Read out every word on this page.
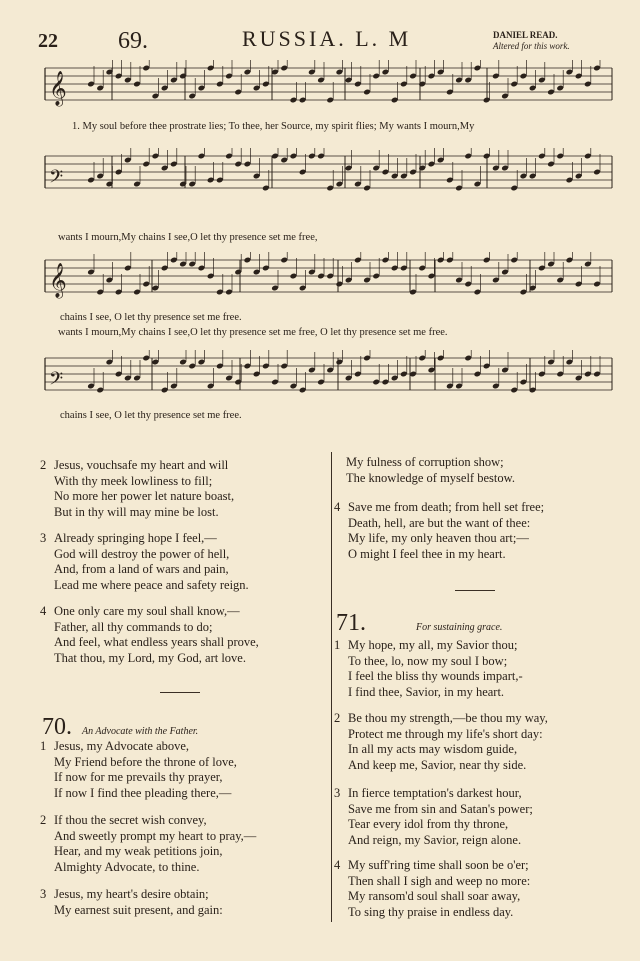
22	69.	RUSSIA. L. M	DANIEL READ.
Altered for this work.
𝄞
1. My soul before thee prostrate lies; To thee, her Source, my spirit flies; My wants I mourn,My
𝄢
wants I mourn,My chains I see,O let thy presence set me free,
𝄞
chains I see, O let thy presence set me free.
wants I mourn,My chains I see,O let thy presence set me free, O let thy presence set me free.
𝄢
chains I see, O let thy presence set me free.
2 Jesus, vouchsafe my heart and will
With thy meek lowliness to fill;
No more her power let nature boast,
But in thy will may mine be lost.
3 Already springing hope I feel,—
God will destroy the power of hell,
And, from a land of wars and pain,
Lead me where peace and safety reign.
4 One only care my soul shall know,—
Father, all thy commands to do;
And feel, what endless years shall prove,
That thou, my Lord, my God, art love.
70. An Advocate with the Father.
1 Jesus, my Advocate above,
My Friend before the throne of love,
If now for me prevails thy prayer,
If now I find thee pleading there,—
2 If thou the secret wish convey,
And sweetly prompt my heart to pray,—
Hear, and my weak petitions join,
Almighty Advocate, to thine.
3 Jesus, my heart's desire obtain;
My earnest suit present, and gain:
My fulness of corruption show;
The knowledge of myself bestow.
4 Save me from death; from hell set free;
Death, hell, are but the want of thee:
My life, my only heaven thou art;—
O might I feel thee in my heart.
71.	For sustaining grace.
1 My hope, my all, my Savior thou;
To thee, lo, now my soul I bow;
I feel the bliss thy wounds impart,-
I find thee, Savior, in my heart.
2 Be thou my strength,—be thou my way,
Protect me through my life's short day:
In all my acts may wisdom guide,
And keep me, Savior, near thy side.
3 In fierce temptation's darkest hour,
Save me from sin and Satan's power;
Tear every idol from thy throne,
And reign, my Savior, reign alone.
4 My suff'ring time shall soon be o'er;
Then shall I sigh and weep no more:
My ransom'd soul shall soar away,
To sing thy praise in endless day.
